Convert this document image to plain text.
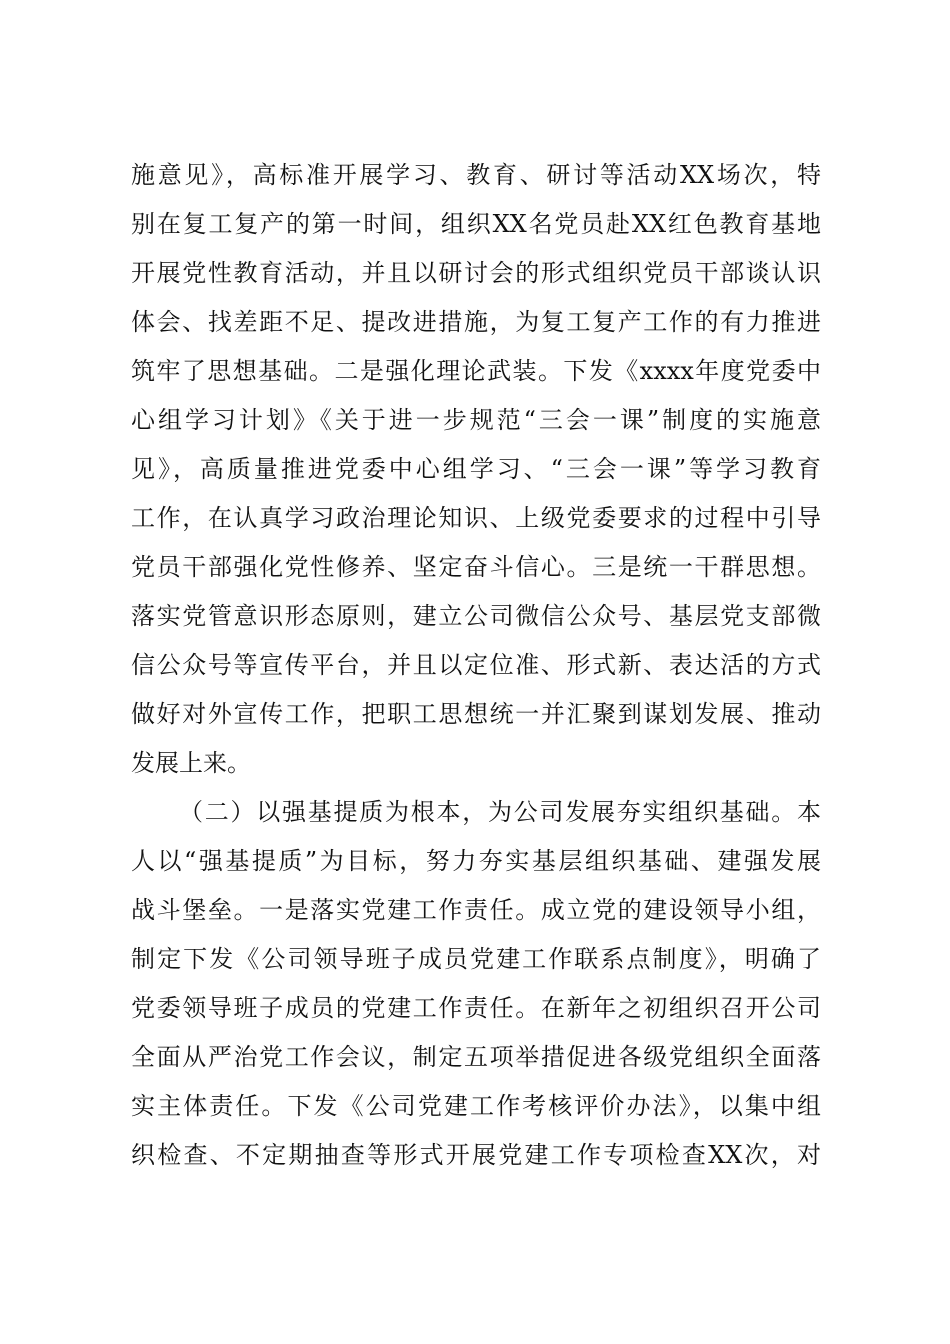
施意见》，高标准开展学习、教育、研讨等活动XX场次，特
别在复工复产的第一时间，组织XX名党员赴XX红色教育基地
开展党性教育活动，并且以研讨会的形式组织党员干部谈认识
体会、找差距不足、提改进措施，为复工复产工作的有力推进
筑牢了思想基础。二是强化理论武装。下发《xxxx年度党委中
心组学习计划》《关于进一步规范“三会一课”制度的实施意
见》，高质量推进党委中心组学习、“三会一课”等学习教育
工作，在认真学习政治理论知识、上级党委要求的过程中引导
党员干部强化党性修养、坚定奋斗信心。三是统一干群思想。
落实党管意识形态原则，建立公司微信公众号、基层党支部微
信公众号等宣传平台，并且以定位准、形式新、表达活的方式
做好对外宣传工作，把职工思想统一并汇聚到谋划发展、推动
发展上来。
（二）以强基提质为根本，为公司发展夯实组织基础。本
人以“强基提质”为目标，努力夯实基层组织基础、建强发展
战斗堡垒。一是落实党建工作责任。成立党的建设领导小组，
制定下发《公司领导班子成员党建工作联系点制度》，明确了
党委领导班子成员的党建工作责任。在新年之初组织召开公司
全面从严治党工作会议，制定五项举措促进各级党组织全面落
实主体责任。下发《公司党建工作考核评价办法》，以集中组
织检查、不定期抽查等形式开展党建工作专项检查XX次，对
